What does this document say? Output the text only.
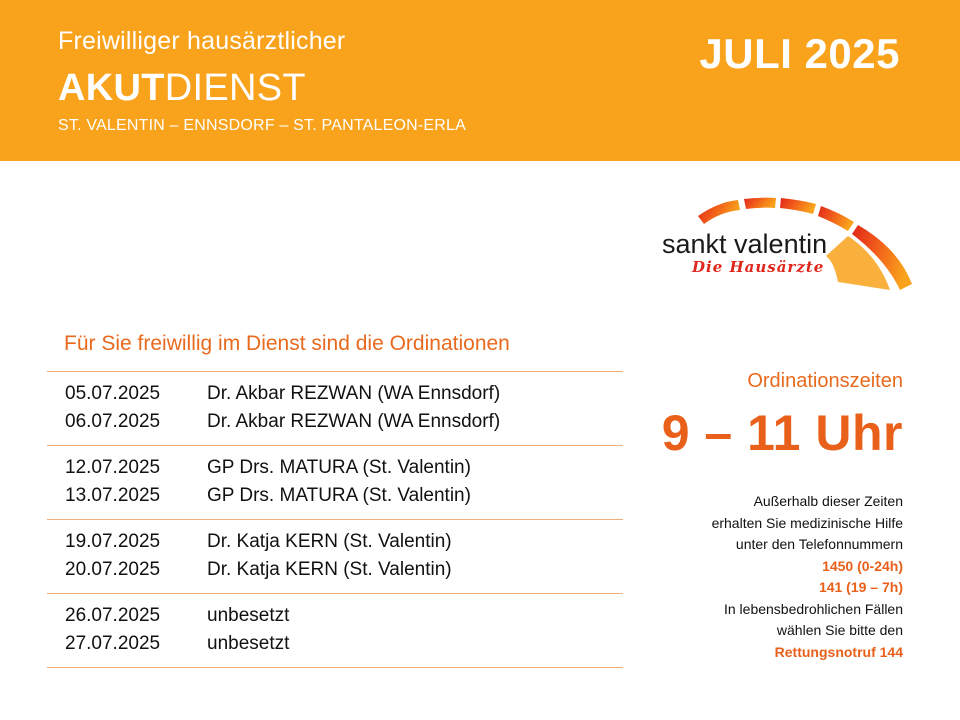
Freiwilliger hausärztlicher
AKUTDIENST
ST. VALENTIN – ENNSDORF – ST. PANTALEON-ERLA
JULI 2025
sankt valentin
Die Hausärzte
Für Sie freiwillig im Dienst sind die Ordinationen
05.07.2025	Dr. Akbar REZWAN (WA Ennsdorf)
06.07.2025	Dr. Akbar REZWAN (WA Ennsdorf)
12.07.2025	GP Drs. MATURA (St. Valentin)
13.07.2025	GP Drs. MATURA (St. Valentin)
19.07.2025	Dr. Katja KERN (St. Valentin)
20.07.2025	Dr. Katja KERN (St. Valentin)
26.07.2025	unbesetzt
27.07.2025	unbesetzt
Ordinationszeiten
9 – 11 Uhr
Außerhalb dieser Zeiten
erhalten Sie medizinische Hilfe
unter den Telefonnummern
1450 (0-24h)
141 (19 – 7h)
In lebensbedrohlichen Fällen
wählen Sie bitte den
Rettungsnotruf 144
